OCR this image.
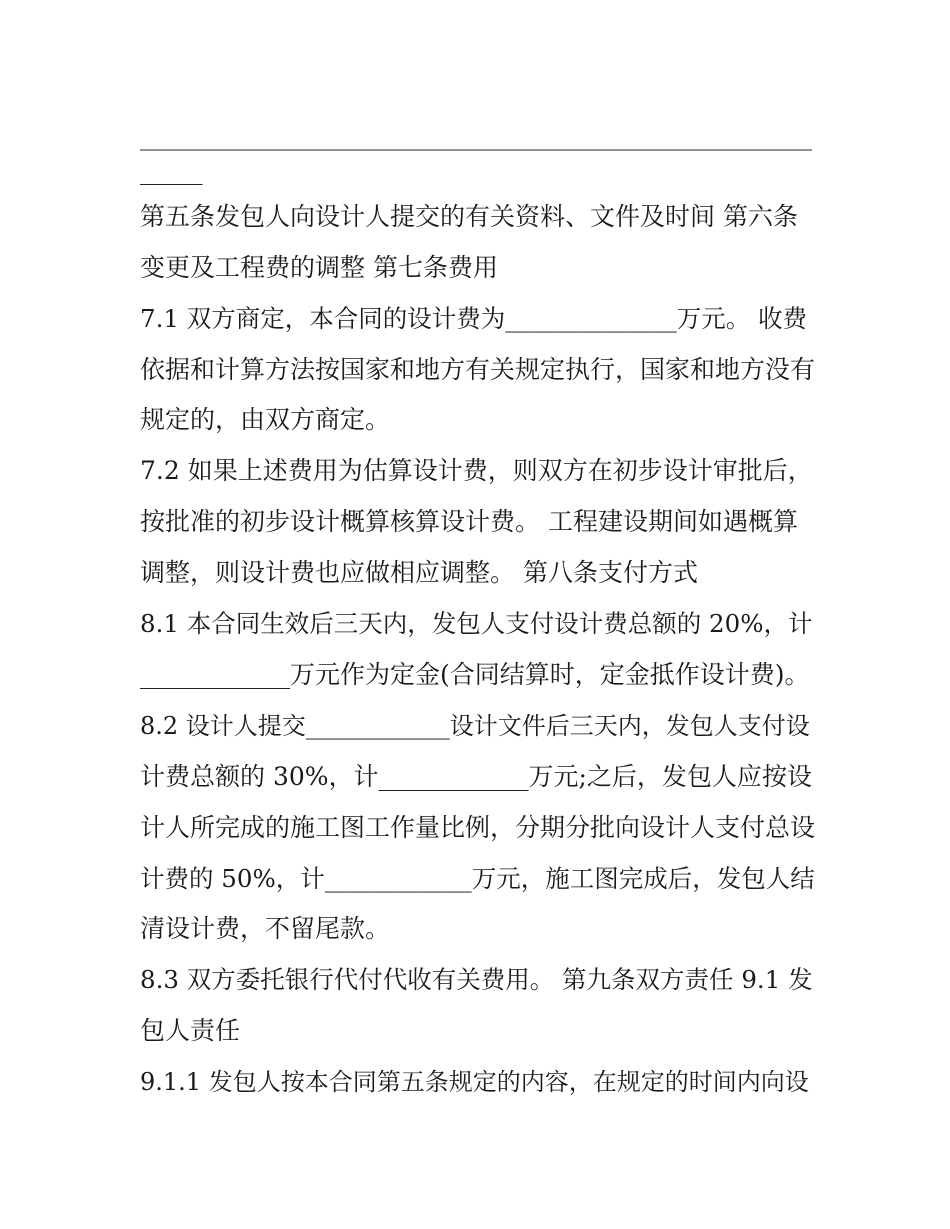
________________________________________________________
_____
第五条发包人向设计人提交的有关资料、文件及时间 第六条
变更及工程费的调整 第七条费用
7.1 双方商定，本合同的设计费为______________万元。 收费
依据和计算方法按国家和地方有关规定执行，国家和地方没有
规定的，由双方商定。
7.2 如果上述费用为估算设计费，则双方在初步设计审批后，
按批准的初步设计概算核算设计费。 工程建设期间如遇概算
调整，则设计费也应做相应调整。 第八条支付方式
8.1 本合同生效后三天内，发包人支付设计费总额的 20%，计
____________万元作为定金(合同结算时，定金抵作设计费)。
8.2 设计人提交____________设计文件后三天内，发包人支付设
计费总额的 30%，计____________万元;之后，发包人应按设
计人所完成的施工图工作量比例，分期分批向设计人支付总设
计费的 50%，计____________万元，施工图完成后，发包人结
清设计费，不留尾款。
8.3 双方委托银行代付代收有关费用。 第九条双方责任 9.1 发
包人责任
9.1.1 发包人按本合同第五条规定的内容，在规定的时间内向设
